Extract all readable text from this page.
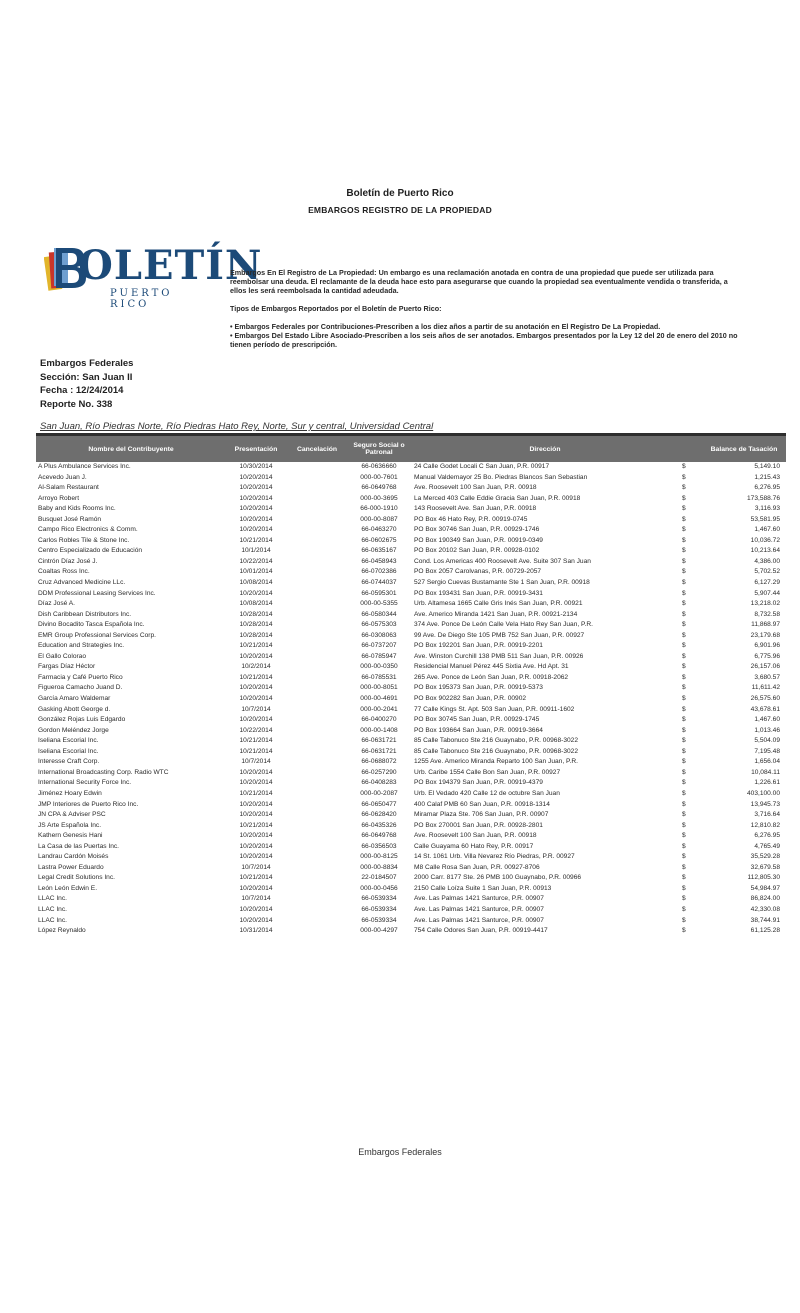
Boletín de Puerto Rico
EMBARGOS REGISTRO DE LA PROPIEDAD
OLETÍN
PUERTO RICO

Embargos En El Registro de La Propiedad: Un embargo es una reclamación anotada en contra de una propiedad que puede ser utilizada para reembolsar una deuda. El reclamante de la deuda hace esto para asegurarse que cuando la propiedad sea eventualmente vendida o transferida, a ellos les será reembolsada la cantidad adeudada.

Tipos de Embargos Reportados por el Boletín de Puerto Rico:

• Embargos Federales por Contribuciones-Prescriben a los diez años a partir de su anotación en El Registro De La Propiedad.

• Embargos Del Estado Libre Asociado-Prescriben a los seis años de ser anotados. Embargos presentados por la Ley 12 del 20 de enero del 2010 no tienen período de prescripción.

Embargos Federales
Sección: San Juan II
Fecha : 12/24/2014
Reporte No. 338
San Juan, Río Piedras Norte, Río Piedras Hato Rey, Norte, Sur y central, Universidad Central
Nombre del Contribuyente	Presentación	Cancelación	Seguro Social o Patronal	Dirección		Balance de Tasación
A Plus Ambulance Services Inc.	10/30/2014		66-0636660	24 Calle Godet Locali C San Juan, P.R. 00917	$	5,149.10
Acevedo Juan J.	10/20/2014		000-00-7601	Manual Valdemayor 25 Bo. Piedras Blancos San Sebastian	$	1,215.43
Al-Salam Restaurant	10/20/2014		66-0649768	Ave. Roosevelt 100 San Juan, P.R. 00918	$	6,276.95
Arroyo Robert	10/20/2014		000-00-3695	La Merced 403 Calle Eddie Gracia San Juan, P.R. 00918	$	173,588.76
Baby and Kids Rooms Inc.	10/20/2014		66-000-1910	143 Roosevelt Ave. San Juan, P.R. 00918	$	3,116.93
Busquet José Ramón	10/20/2014		000-00-8087	PO Box 46 Hato Rey, P.R. 00919-0745	$	53,581.95
Campo Rico Electronics & Comm.	10/20/2014		66-0463270	PO Box 30746 San Juan, P.R. 00929-1746	$	1,467.60
Carlos Robles Tile & Stone Inc.	10/21/2014		66-0602675	PO Box 190349 San Juan, P.R. 00919-0349	$	10,036.72
Centro Especializado de Educación	10/1/2014		66-0635167	PO Box 20102 San Juan, P.R. 00928-0102	$	10,213.64
Cintrón Díaz José J.	10/22/2014		66-0458943	Cond. Los Americas 400 Roosevelt Ave. Suite 307 San Juan	$	4,386.00
Coaltas Ross Inc.	10/01/2014		66-0702386	PO Box 2057 Carolvanas, P.R. 00729-2057	$	5,702.52
Cruz Advanced Medicine LLc.	10/08/2014		66-0744037	527 Sergio Cuevas Bustamante Ste 1 San Juan, P.R. 00918	$	6,127.29
DDM Professional Leasing Services Inc.	10/20/2014		66-0595301	PO Box 193431 San Juan, P.R. 00919-3431	$	5,907.44
Díaz José A.	10/08/2014		000-00-5355	Urb. Altamesa 1665 Calle Gris Inés San Juan, P.R. 00921	$	13,218.02
Dish Caribbean Distributors Inc.	10/28/2014		66-0580344	Ave. Americo Miranda 1421 San Juan, P.R. 00921-2134	$	8,732.58
Divino Bocadito Tasca Española Inc.	10/28/2014		66-0575303	374 Ave. Ponce De León Calle Vela Hato Rey San Juan, P.R.	$	11,868.97
EMR Group Professional Services Corp.	10/28/2014		66-0308063	99 Ave. De Diego Ste 105 PMB 752 San Juan, P.R. 00927	$	23,179.68
Education and Strategies Inc.	10/21/2014		66-0737207	PO Box 192201 San Juan, P.R. 00919-2201	$	6,901.96
El Gallo Colorao	10/20/2014		66-0785947	Ave. Winston Curchill 138 PMB 511 San Juan, P.R. 00926	$	6,775.96
Fargas Díaz Héctor	10/2/2014		000-00-0350	Residencial Manuel Pérez 445 Sixtia Ave. Hd Apt. 31	$	26,157.06
Farmacia y Café Puerto Rico	10/21/2014		66-0785531	265 Ave. Ponce de León San Juan, P.R. 00918-2062	$	3,680.57
Figueroa Camacho Juand D.	10/20/2014		000-00-8051	PO Box 195373 San Juan, P.R. 00919-5373	$	11,611.42
García Amaro Waldemar	10/20/2014		000-00-4691	PO Box 902282 San Juan, P.R. 00902	$	26,575.60
Gasking Abott George d.	10/7/2014		000-00-2041	77 Calle Kings St. Apt. 503 San Juan, P.R. 00911-1602	$	43,678.61
González Rojas Luis Edgardo	10/20/2014		66-0400270	PO Box 30745 San Juan, P.R. 00929-1745	$	1,467.60
Gordon Meléndez Jorge	10/22/2014		000-00-1408	PO Box 193664 San Juan, P.R. 00919-3664	$	1,013.46
Iseliana Escorial Inc.	10/21/2014		66-0631721	85 Calle Tabonuco Ste 216 Guaynabo, P.R. 00968-3022	$	5,504.09
Iseliana Escorial Inc.	10/21/2014		66-0631721	85 Calle Tabonuco Ste 216 Guaynabo, P.R. 00968-3022	$	7,195.48
Interesse Craft Corp.	10/7/2014		66-0688072	1255 Ave. Americo Miranda Reparto 100 San Juan, P.R.	$	1,656.04
International Broadcasting Corp. Radio WTC	10/20/2014		66-0257290	Urb. Caribe 1554 Calle Bon San Juan, P.R. 00927	$	10,084.11
International Security Force Inc.	10/20/2014		66-0408283	PO Box 194379 San Juan, P.R. 00919-4379	$	1,226.61
Jiménez Hoary Edwin	10/21/2014		000-00-2087	Urb. El Vedado 420 Calle 12 de octubre San Juan	$	403,100.00
JMP Interiores de Puerto Rico Inc.	10/20/2014		66-0650477	400 Calaf PMB 60 San Juan, P.R. 00918-1314	$	13,945.73
JN CPA & Adviser PSC	10/20/2014		66-0628420	Miramar Plaza Ste. 706 San Juan, P.R. 00907	$	3,716.64
JS Arte Española Inc.	10/21/2014		66-0435326	PO Box 270001 San Juan, P.R. 00928-2801	$	12,810.82
Kathern Genesis Hani	10/20/2014		66-0649768	Ave. Roosevelt 100 San Juan, P.R. 00918	$	6,276.95
La Casa de las Puertas Inc.	10/20/2014		66-0356503	Calle Guayama 60 Hato Rey, P.R. 00917	$	4,765.49
Landrau Cardón Moisés	10/20/2014		000-00-8125	14 St. 1061 Urb. Villa Nevarez Río Piedras, P.R. 00927	$	35,529.28
Lastra Power Eduardo	10/7/2014		000-00-8834	M8 Calle Rosa San Juan, P.R. 00927-8706	$	32,679.58
Legal Credit Solutions Inc.	10/21/2014		22-0184507	2000 Carr. 8177 Ste. 26 PMB 100 Guaynabo, P.R. 00966	$	112,805.30
León León Edwin E.	10/20/2014		000-00-0456	2150 Calle Loíza Suite 1 San Juan, P.R. 00913	$	54,984.97
LLAC Inc.	10/7/2014		66-0539334	Ave. Las Palmas 1421 Santurce, P.R. 00907	$	86,824.00
LLAC Inc.	10/20/2014		66-0539334	Ave. Las Palmas 1421 Santurce, P.R. 00907	$	42,330.08
LLAC Inc.	10/20/2014		66-0539334	Ave. Las Palmas 1421 Santurce, P.R. 00907	$	38,744.91
López Reynaldo	10/31/2014		000-00-4297	754 Calle Odores San Juan, P.R. 00919-4417	$	61,125.28
Embargos Federales
